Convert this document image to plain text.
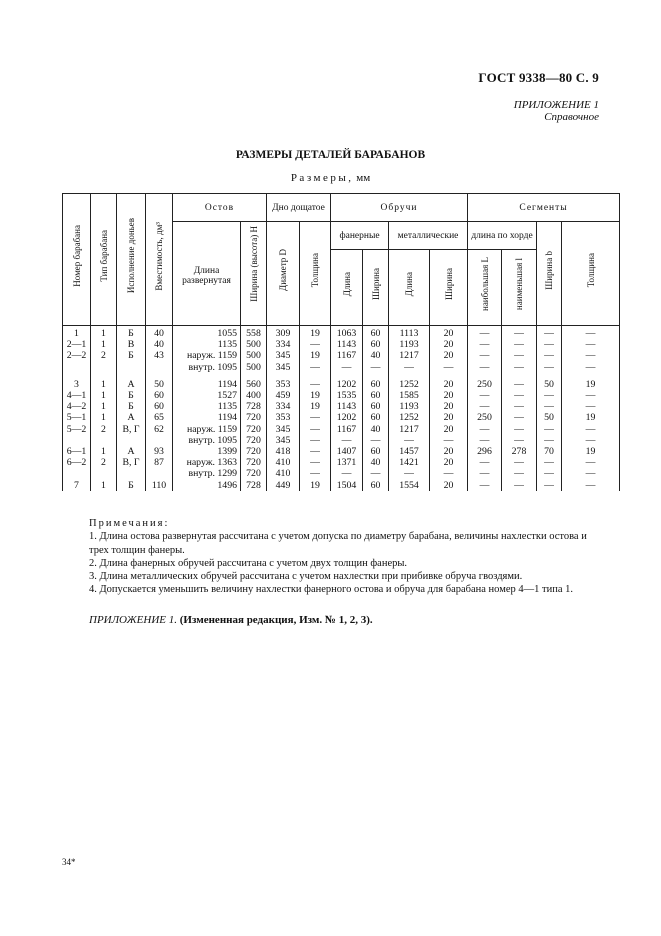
ГОСТ 9338—80 С. 9
ПРИЛОЖЕНИЕ 1
Справочное
РАЗМЕРЫ ДЕТАЛЕЙ БАРАБАНОВ
Размеры, мм
Номер барабана	Тип барабана	Исполнение доньев	Вместимость, дм³	Остов		Дно дощатое		Обручи				Сегменты			
				Длина развернутая	Ширина (высота) H	Диаметр D	Толщина	фанерные		металлические		длина по хорде		Ширина b	Толщина
								Длина	Ширина	Длина	Ширина	наибольшая L	наименьшая l		
1	1	Б	40	1055	558	309	19	1063	60	1113	20	—	—	—	—
2—1	1	В	40	1135	500	334	—	1143	60	1193	20	—	—	—	—
2—2	2	Б	43	наруж. 1159	500	345	19	1167	40	1217	20	—	—	—	—
				внутр. 1095	500	345	—	—	—	—	—	—	—	—	—

3	1	А	50	1194	560	353	—	1202	60	1252	20	250	—	50	19
4—1	1	Б	60	1527	400	459	19	1535	60	1585	20	—	—	—	—
4—2	1	Б	60	1135	728	334	19	1143	60	1193	20	—	—	—	—
5—1	1	А	65	1194	720	353	—	1202	60	1252	20	250	—	50	19
5—2	2	В, Г	62	наруж. 1159	720	345	—	1167	40	1217	20	—	—	—	—
				внутр. 1095	720	345	—	—	—	—	—	—	—	—	—
6—1	1	А	93	1399	720	418	—	1407	60	1457	20	296	278	70	19
6—2	2	В, Г	87	наруж. 1363	720	410	—	1371	40	1421	20	—	—	—	—
				внутр. 1299	720	410	—	—	—	—	—	—	—	—	—
7	1	Б	110	1496	728	449	19	1504	60	1554	20	—	—	—	—
Примечания:
1. Длина остова развернутая рассчитана с учетом допуска по диаметру барабана, величины нахлестки остова и трех толщин фанеры.
2. Длина фанерных обручей рассчитана с учетом двух толщин фанеры.
3. Длина металлических обручей рассчитана с учетом нахлестки при прибивке обруча гвоздями.
4. Допускается уменьшить величину нахлестки фанерного остова и обруча для барабана номер 4—1 типа 1.
ПРИЛОЖЕНИЕ 1. (Измененная редакция, Изм. № 1, 2, 3).
34*
